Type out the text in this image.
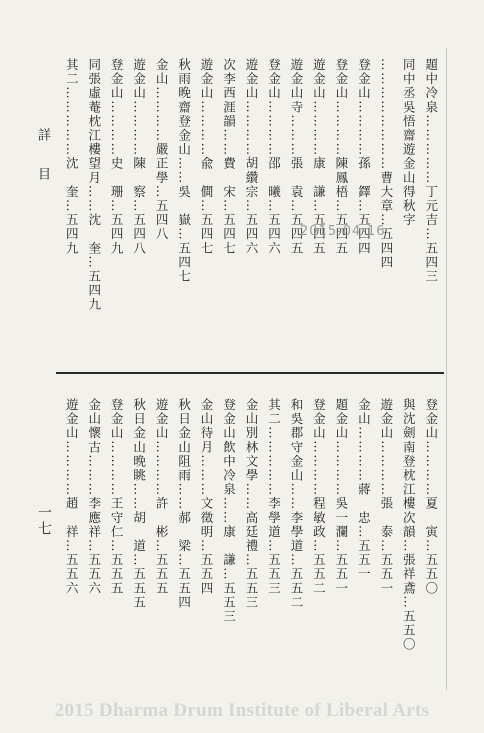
題中冷泉……………丁元吉…五四三
同中丞吳悟齋遊金山得秋字
……………………曹大章…五四四
登金山…………孫　鐸…五四四
登金山…………陳鳳梧…五四五
遊金山…………康　謙…五四五
遊金山寺………張　袁…五四五
登金山…………邵　曦…五四六
遊金山…………胡纘宗…五四六
次李西涯韻……費　宋…五四七
遊金山…………兪　僴…五四七
秋雨晚齋登金山……吳　嶽…五四七
金山…………嚴正學…五四八
遊金山…………陳　察…五四八
登金山…………史　珊…五四九
同張虛菴枕江樓望月……沈　奎…五四九
其二……………沈　奎…五四九
登金山…………夏　寅…五五〇
與沈劍南登枕江樓次韻…張祥鳶…五五〇
遊金山…………張　泰…五五一
金山…………蔣　忠…五五一
題金山…………吳一瀾…五五一
登金山…………程敏政…五五二
和吳郡守金山……李學道…五五二
其二……………李學道…五五三
金山別林文學……高廷禮…五五三
登金山飲中冷泉……康　謙…五五三
金山待月………文徵明…五五四
秋日金山阻雨……郝　梁…五五四
遊金山…………許　彬…五五五
秋日金山晚眺……胡　道…五五五
登金山…………王守仁…五五五
金山懷古………李應祥…五五六
遊金山…………趙　祥…五五六
詳目
一七
2015-04-16
2015 Dharma Drum Institute of Liberal Arts
